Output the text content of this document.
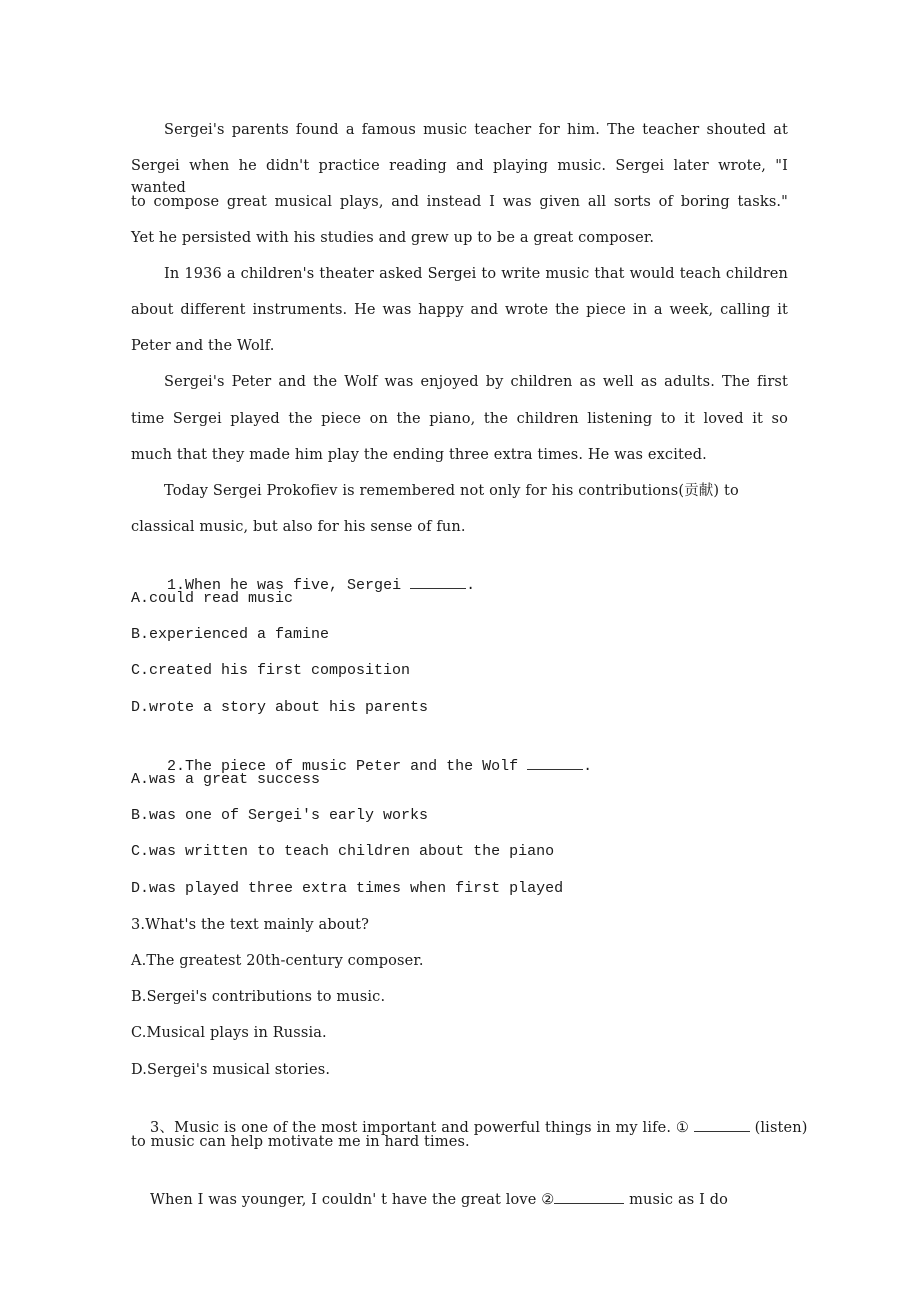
Sergei's parents found a famous music teacher for him. The teacher shouted at
Sergei when he didn't practice reading and playing music. Sergei later wrote, "I wanted
to compose great musical plays, and instead I was given all sorts of boring tasks."
Yet he persisted with his studies and grew up to be a great composer.
In 1936 a children's theater asked Sergei to write music that would teach children
about different instruments. He was happy and wrote the piece in a week, calling it
Peter and the Wolf.
Sergei's Peter and the Wolf was enjoyed by children as well as adults. The first
time Sergei played the piece on the piano, the children listening to it loved it so
much that they made him play the ending three extra times. He was excited.
Today Sergei Prokofiev is remembered not only for his contributions(贡献) to
classical music, but also for his sense of fun.

1.When he was five, Sergei	.

A.could read music
B.experienced a famine
C.created his first composition
D.wrote a story about his parents

2.The piece of music Peter and the Wolf	.

A.was a great success
B.was one of Sergei's early works
C.was written to teach children about the piano
D.was played three extra times when first played
3.What's the text mainly about?
A.The greatest 20th-century composer.
B.Sergei's contributions to music.
C.Musical plays in Russia.
D.Sergei's musical stories.

3、Music is one of the most important and powerful things in my life. ①	(listen)

to music can help motivate me in hard times.

When I was younger, I couldn' t have the great love ②	music as I do
